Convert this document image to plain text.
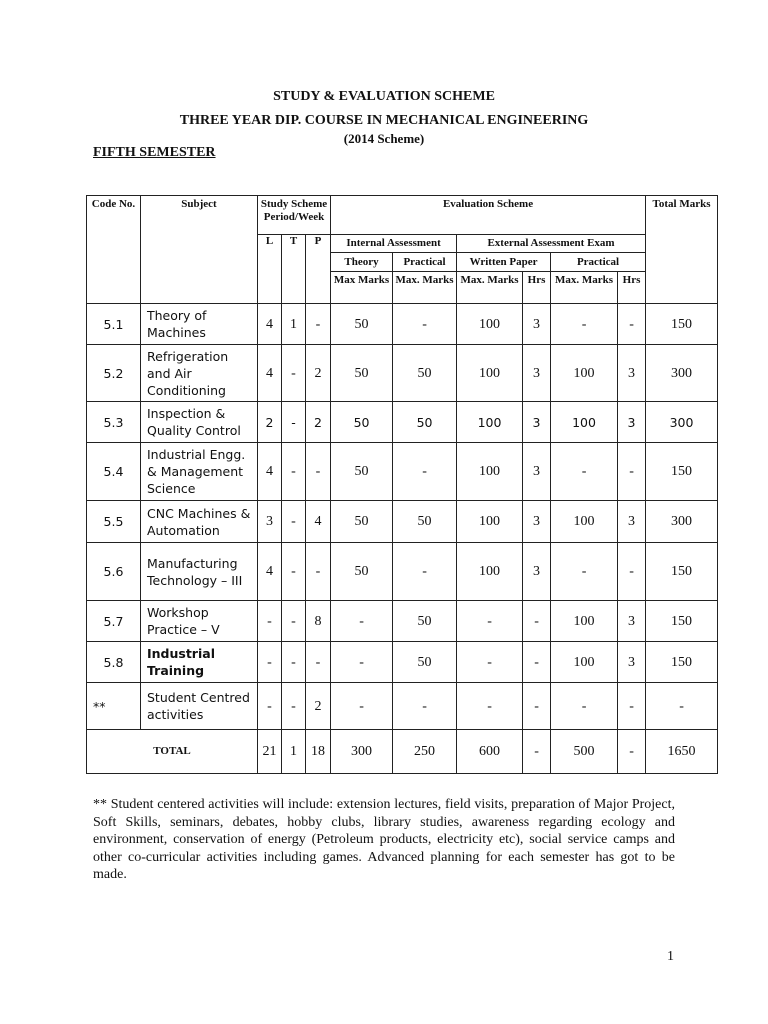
STUDY & EVALUATION SCHEME
THREE YEAR DIP. COURSE IN MECHANICAL ENGINEERING
(2014 Scheme)
FIFTH SEMESTER
Code No.	Subject	Study Scheme Period/Week			Evaluation Scheme						Total Marks
		L	T	P	Internal Assessment		External Assessment Exam				
					Theory	Practical	Written Paper		Practical		
					Max Marks	Max. Marks	Max. Marks	Hrs	Max. Marks	Hrs	
5.1	Theory of Machines	4	1	-	50	-	100	3	-	-	150
5.2	Refrigeration and Air Conditioning	4	-	2	50	50	100	3	100	3	300
5.3	Inspection & Quality Control	2	-	2	50	50	100	3	100	3	300
5.4	Industrial Engg. & Management Science	4	-	-	50	-	100	3	-	-	150
5.5	CNC Machines & Automation	3	-	4	50	50	100	3	100	3	300
5.6	Manufacturing Technology – III	4	-	-	50	-	100	3	-	-	150
5.7	Workshop Practice – V	-	-	8	-	50	-	-	100	3	150
5.8	Industrial Training	-	-	-	-	50	-	-	100	3	150
**	Student Centred activities	-	-	2	-	-	-	-	-	-	-
TOTAL		21	1	18	300	250	600	-	500	-	1650
** Student centered activities will include: extension lectures, field visits, preparation of Major Project, Soft Skills, seminars, debates, hobby clubs, library studies, awareness regarding ecology and environment, conservation of energy (Petroleum products, electricity etc), social service camps and other co-curricular activities including games. Advanced planning for each semester has got to be made.
1
